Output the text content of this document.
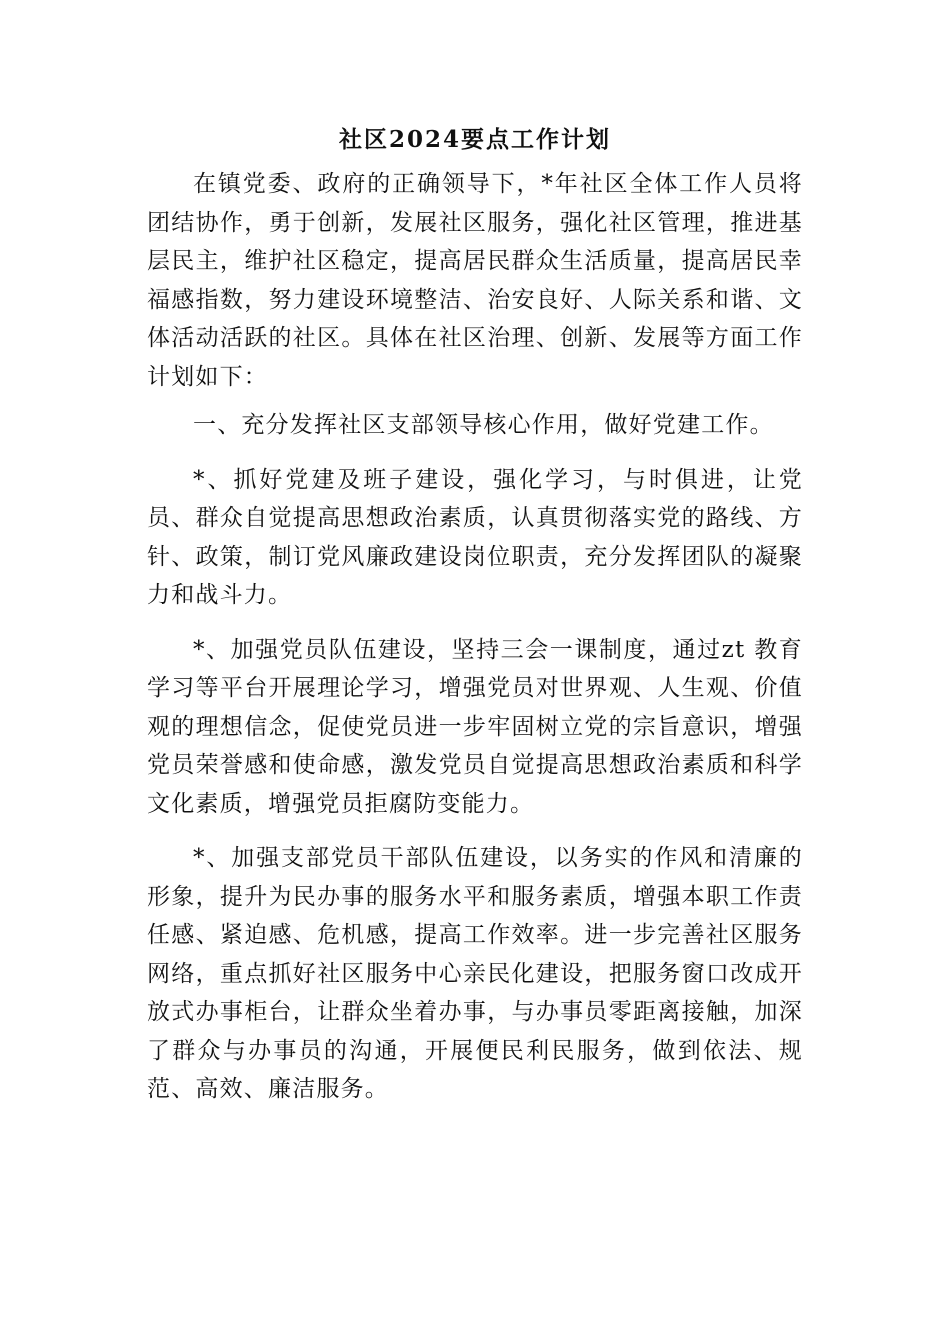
社区2024要点工作计划

在镇党委、政府的正确领导下，*年社区全体工作人员将团结协作，勇于创新，发展社区服务，强化社区管理，推进基层民主，维护社区稳定，提高居民群众生活质量，提高居民幸福感指数，努力建设环境整洁、治安良好、人际关系和谐、文体活动活跃的社区。具体在社区治理、创新、发展等方面工作计划如下：

一、充分发挥社区支部领导核心作用，做好党建工作。

*、抓好党建及班子建设，强化学习，与时俱进，让党员、群众自觉提高思想政治素质，认真贯彻落实党的路线、方针、政策，制订党风廉政建设岗位职责，充分发挥团队的凝聚力和战斗力。

*、加强党员队伍建设，坚持三会一课制度，通过zt 教育学习等平台开展理论学习，增强党员对世界观、人生观、价值观的理想信念，促使党员进一步牢固树立党的宗旨意识，增强党员荣誉感和使命感，激发党员自觉提高思想政治素质和科学文化素质，增强党员拒腐防变能力。

*、加强支部党员干部队伍建设，以务实的作风和清廉的形象，提升为民办事的服务水平和服务素质，增强本职工作责任感、紧迫感、危机感，提高工作效率。进一步完善社区服务网络，重点抓好社区服务中心亲民化建设，把服务窗口改成开放式办事柜台，让群众坐着办事，与办事员零距离接触，加深了群众与办事员的沟通，开展便民利民服务，做到依法、规范、高效、廉洁服务。
